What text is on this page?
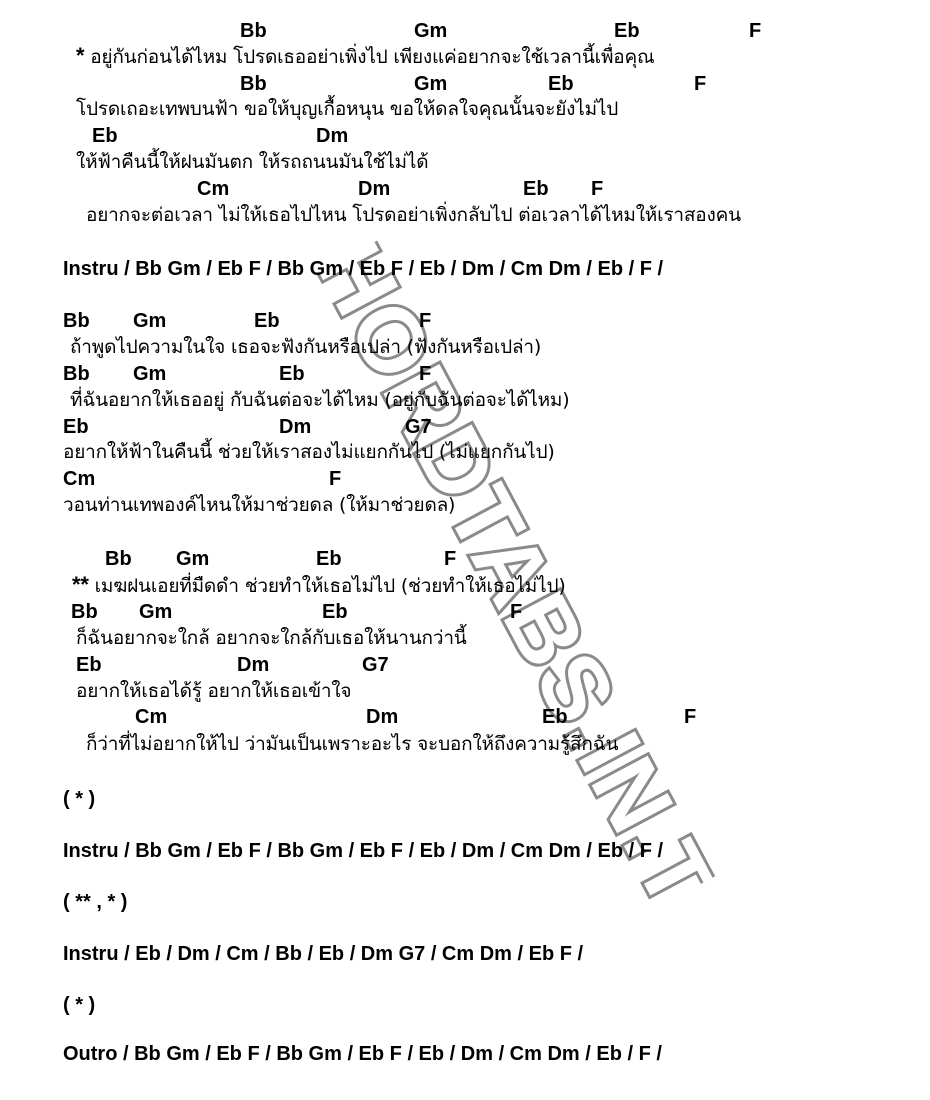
CHORDTABS.IN.TH
Bb	Gm	Eb	F
* อยู่กันก่อนได้ไหม โปรดเธออย่าเพิ่งไป เพียงแค่อยากจะใช้เวลานี้เพื่อคุณ
Bb	Gm	Eb	F
โปรดเถอะเทพบนฟ้า ขอให้บุญเกื้อหนุน ขอให้ดลใจคุณนั้นจะยังไม่ไป
Eb	Dm
ให้ฟ้าคืนนี้ให้ฝนมันตก ให้รถถนนมันใช้ไม่ได้
Cm	Dm	Eb F
อยากจะต่อเวลา ไม่ให้เธอไปไหน โปรดอย่าเพิ่งกลับไป ต่อเวลาได้ไหมให้เราสองคน
Instru / Bb Gm / Eb F / Bb Gm / Eb F / Eb / Dm / Cm Dm / Eb / F /
Bb Gm	Eb	F
ถ้าพูดไปความในใจ เธอจะฟังกันหรือเปล่า (ฟังกันหรือเปล่า)
Bb Gm	Eb	F
ที่ฉันอยากให้เธออยู่ กับฉันต่อจะได้ไหม (อยู่กับฉันต่อจะได้ไหม)
Eb	Dm	G7
อยากให้ฟ้าในคืนนี้ ช่วยให้เราสองไม่แยกกันไป (ไม่แยกกันไป)
Cm	F
วอนท่านเทพองค์ไหนให้มาช่วยดล (ให้มาช่วยดล)
Bb Gm	Eb	F
** เมฆฝนเอยที่มืดดำ ช่วยทำให้เธอไม่ไป (ช่วยทำให้เธอไม่ไป)
Bb Gm	Eb	F
ก็ฉันอยากจะใกล้ อยากจะใกล้กับเธอให้นานกว่านี้
Eb	Dm	G7
อยากให้เธอได้รู้ อยากให้เธอเข้าใจ
Cm	Dm	Eb	F
ก็ว่าที่ไม่อยากให้ไป ว่ามันเป็นเพราะอะไร จะบอกให้ถึงความรู้สึกฉัน
( * )
Instru / Bb Gm / Eb F / Bb Gm / Eb F / Eb / Dm / Cm Dm / Eb / F /
( ** , * )
Instru / Eb / Dm / Cm / Bb / Eb / Dm G7 / Cm Dm / Eb F /
( * )
Outro / Bb Gm / Eb F / Bb Gm / Eb F / Eb / Dm / Cm Dm / Eb / F /
